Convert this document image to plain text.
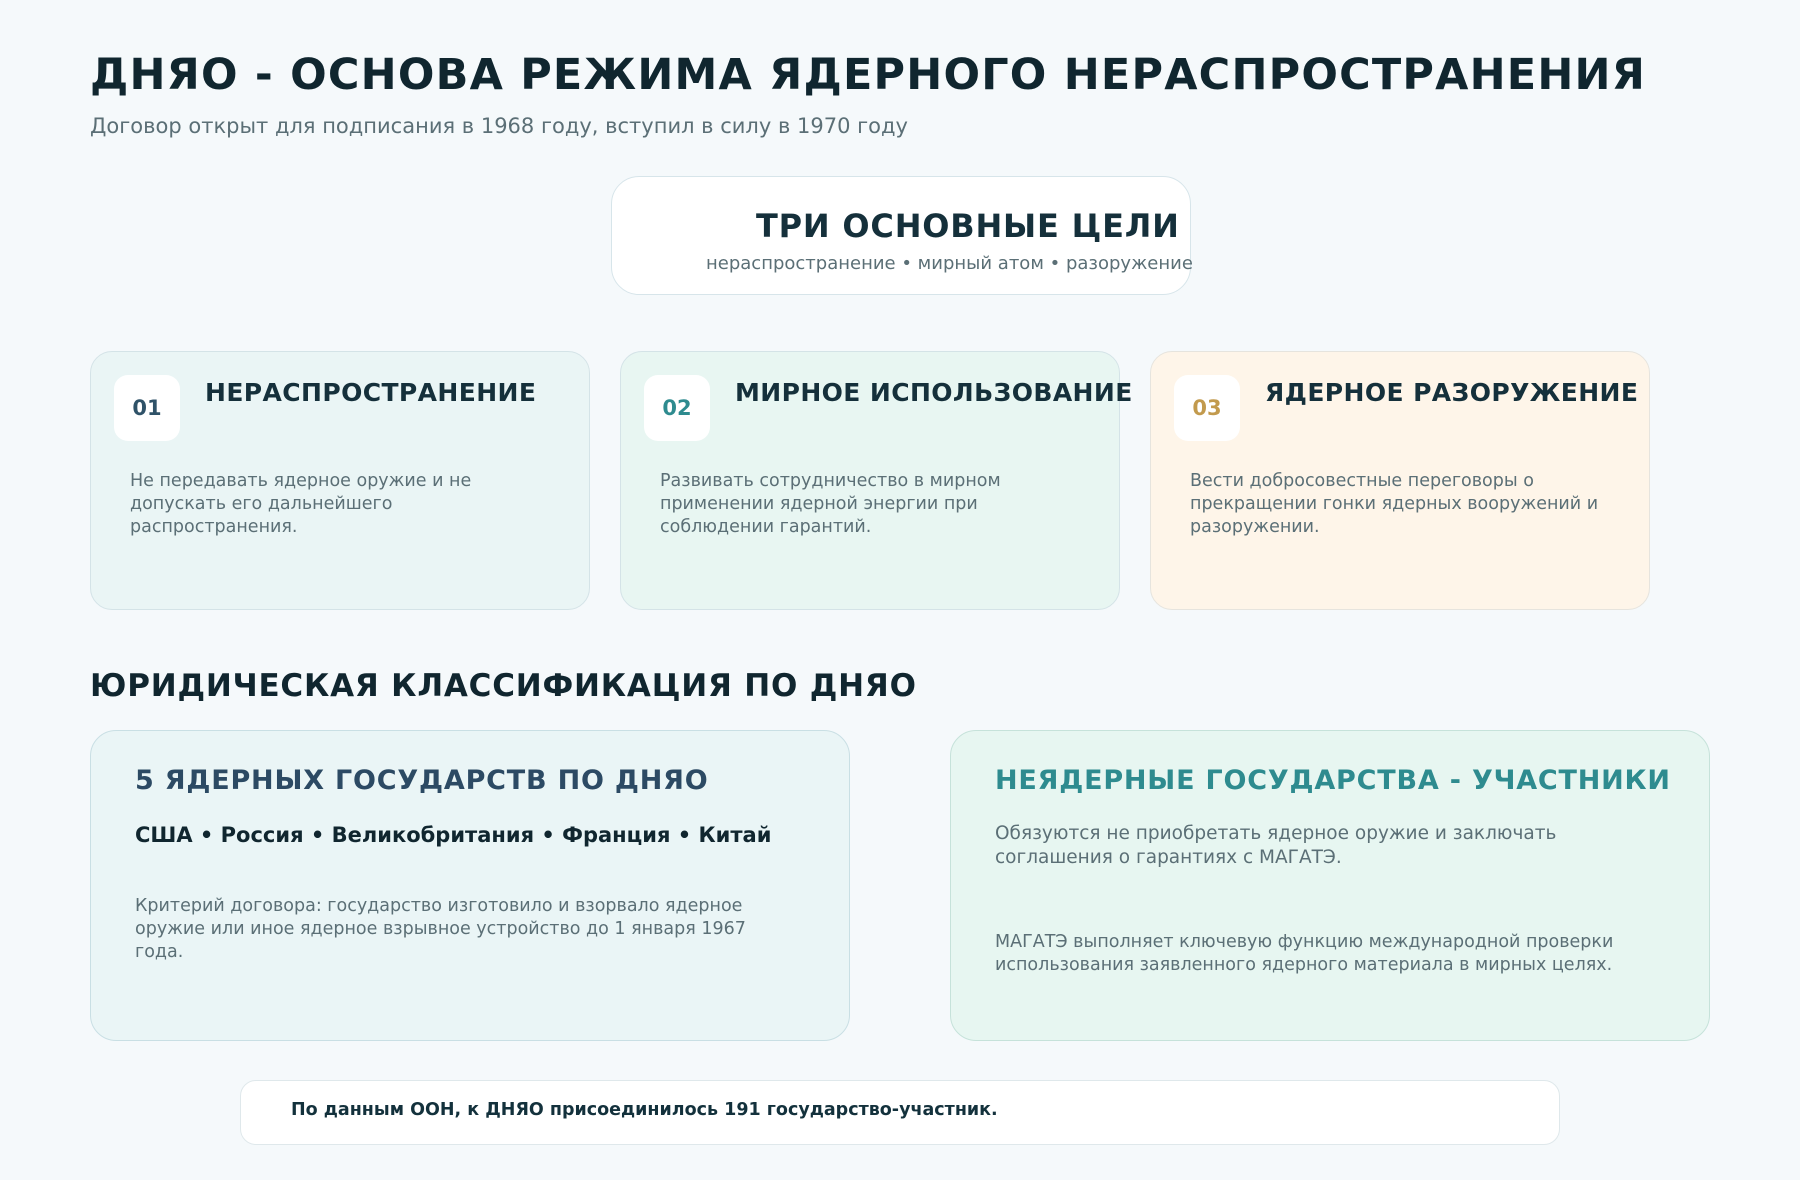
ДНЯО - ОСНОВА РЕЖИМА ЯДЕРНОГО НЕРАСПРОСТРАНЕНИЯ
Договор открыт для подписания в 1968 году, вступил в силу в 1970 году
ТРИ ОСНОВНЫЕ ЦЕЛИ
нераспространение • мирный атом • разоружение
01
НЕРАСПРОСТРАНЕНИЕ
Не передавать ядерное оружие и не допускать его дальнейшего распространения.
02
МИРНОЕ ИСПОЛЬЗОВАНИЕ
Развивать сотрудничество в мирном применении ядерной энергии при соблюдении гарантий.
03
ЯДЕРНОЕ РАЗОРУЖЕНИЕ
Вести добросовестные переговоры о прекращении гонки ядерных вооружений и разоружении.
ЮРИДИЧЕСКАЯ КЛАССИФИКАЦИЯ ПО ДНЯО
5 ЯДЕРНЫХ ГОСУДАРСТВ ПО ДНЯО
США • Россия • Великобритания • Франция • Китай
Критерий договора: государство изготовило и взорвало ядерное оружие или иное ядерное взрывное устройство до 1 января 1967 года.
НЕЯДЕРНЫЕ ГОСУДАРСТВА - УЧАСТНИКИ
Обязуются не приобретать ядерное оружие и заключать соглашения о гарантиях с МАГАТЭ.
МАГАТЭ выполняет ключевую функцию международной проверки использования заявленного ядерного материала в мирных целях.
По данным ООН, к ДНЯО присоединилось 191 государство-участник.
